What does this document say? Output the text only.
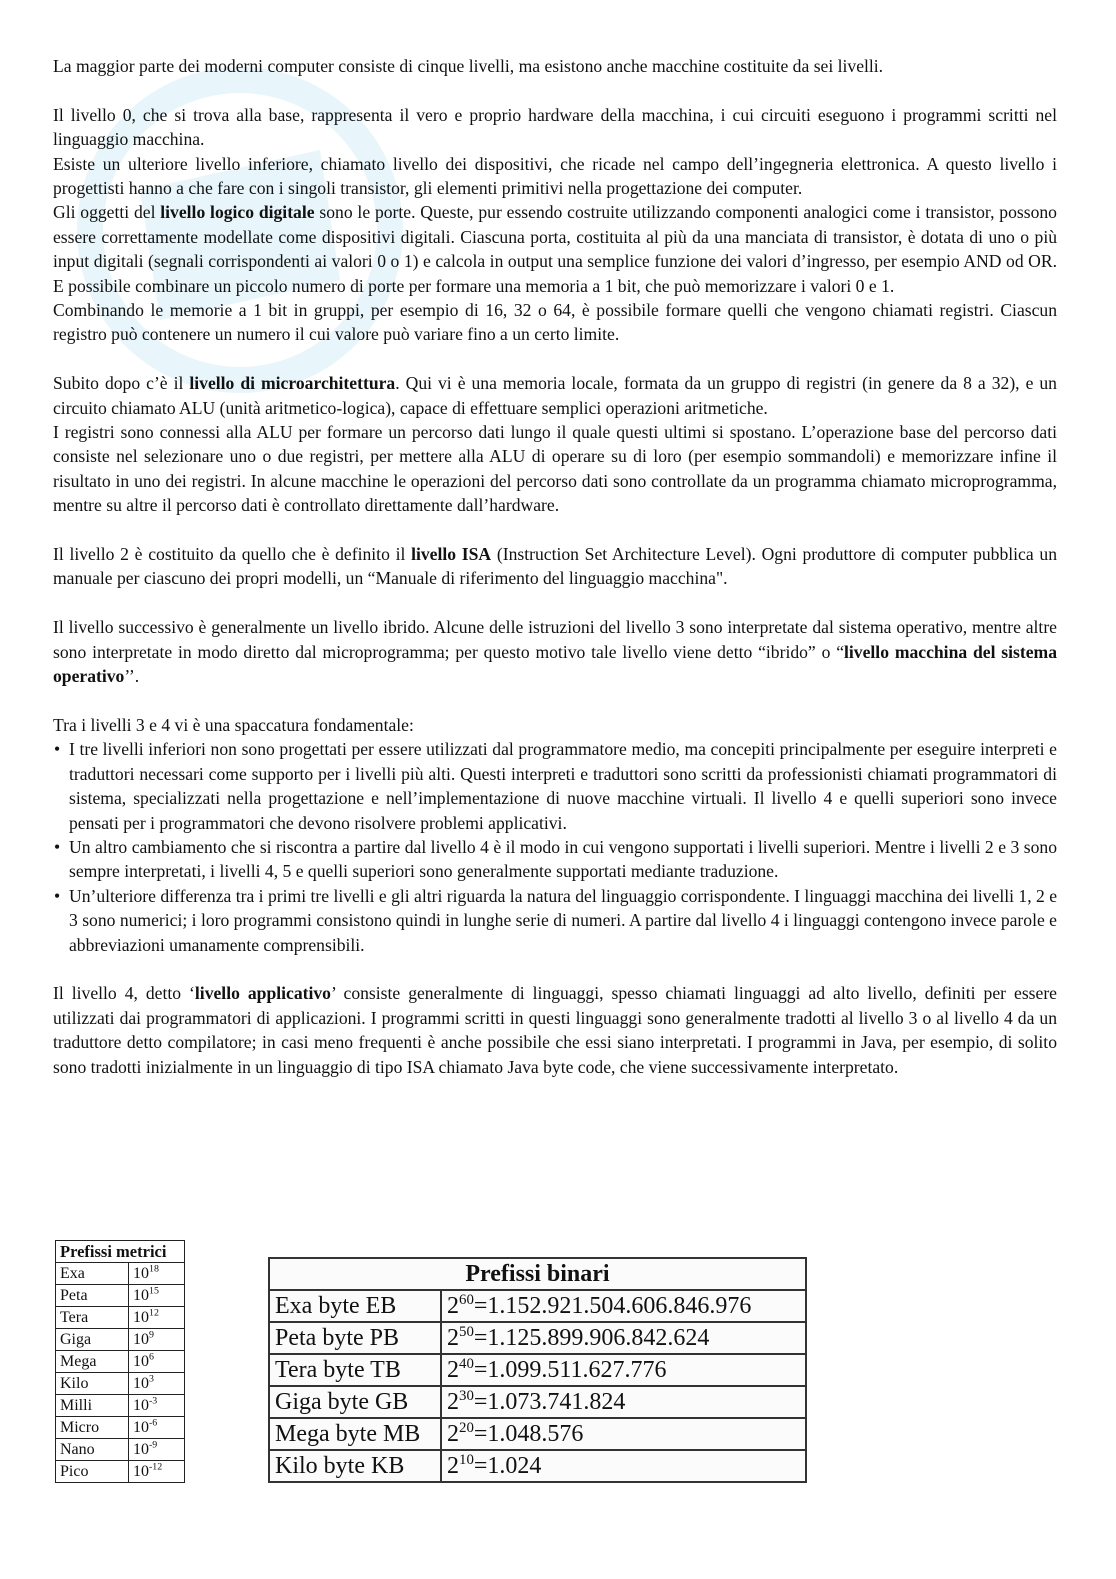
La maggior parte dei moderni computer consiste di cinque livelli, ma esistono anche macchine costituite da sei livelli.

Il livello 0, che si trova alla base, rappresenta il vero e proprio hardware della macchina, i cui circuiti eseguono i programmi scritti nel linguaggio macchina.

Esiste un ulteriore livello inferiore, chiamato livello dei dispositivi, che ricade nel campo dell’ingegneria elettronica. A questo livello i progettisti hanno a che fare con i singoli transistor, gli elementi primitivi nella progettazione dei computer.

Gli oggetti del livello logico digitale sono le porte. Queste, pur essendo costruite utilizzando componenti analogici come i transistor, possono essere correttamente modellate come dispositivi digitali. Ciascuna porta, costituita al più da una manciata di transistor, è dotata di uno o più input digitali (segnali corrispondenti ai valori 0 o 1) e calcola in output una semplice funzione dei valori d’ingresso, per esempio AND od OR. E possibile combinare un piccolo numero di porte per formare una memoria a 1 bit, che può memorizzare i valori 0 e 1.

Combinando le memorie a 1 bit in gruppi, per esempio di 16, 32 o 64, è possibile formare quelli che vengono chiamati registri. Ciascun registro può contenere un numero il cui valore può variare fino a un certo limite.

Subito dopo c’è il livello di microarchitettura. Qui vi è una memoria locale, formata da un gruppo di registri (in genere da 8 a 32), e un circuito chiamato ALU (unità aritmetico-logica), capace di effettuare semplici operazioni aritmetiche.

I registri sono connessi alla ALU per formare un percorso dati lungo il quale questi ultimi si spostano. L’operazione base del percorso dati consiste nel selezionare uno o due registri, per mettere alla ALU di operare su di loro (per esempio sommandoli) e memorizzare infine il risultato in uno dei registri. In alcune macchine le operazioni del percorso dati sono controllate da un programma chiamato microprogramma, mentre su altre il percorso dati è controllato direttamente dall’hardware.

Il livello 2 è costituito da quello che è definito il livello ISA (Instruction Set Architecture Level). Ogni produttore di computer pubblica un manuale per ciascuno dei propri modelli, un “Manuale di riferimento del linguaggio macchina".

Il livello successivo è generalmente un livello ibrido. Alcune delle istruzioni del livello 3 sono interpretate dal sistema operativo, mentre altre sono interpretate in modo diretto dal microprogramma; per questo motivo tale livello viene detto “ibrido” o “livello macchina del sistema operativo’’.

Tra i livelli 3 e 4 vi è una spaccatura fondamentale:

• I tre livelli inferiori non sono progettati per essere utilizzati dal programmatore medio, ma concepiti principalmente per eseguire interpreti e traduttori necessari come supporto per i livelli più alti. Questi interpreti e traduttori sono scritti da professionisti chiamati programmatori di sistema, specializzati nella progettazione e nell’implementazione di nuove macchine virtuali. Il livello 4 e quelli superiori sono invece pensati per i programmatori che devono risolvere problemi applicativi.
• Un altro cambiamento che si riscontra a partire dal livello 4 è il modo in cui vengono supportati i livelli superiori. Mentre i livelli 2 e 3 sono sempre interpretati, i livelli 4, 5 e quelli superiori sono generalmente supportati mediante traduzione.
• Un’ulteriore differenza tra i primi tre livelli e gli altri riguarda la natura del linguaggio corrispondente. I linguaggi macchina dei livelli 1, 2 e 3 sono numerici; i loro programmi consistono quindi in lunghe serie di numeri. A partire dal livello 4 i linguaggi contengono invece parole e abbreviazioni umanamente comprensibili.

Il livello 4, detto ‘livello applicativo’ consiste generalmente di linguaggi, spesso chiamati linguaggi ad alto livello, definiti per essere utilizzati dai programmatori di applicazioni. I programmi scritti in questi linguaggi sono generalmente tradotti al livello 3 o al livello 4 da un traduttore detto compilatore; in casi meno frequenti è anche possibile che essi siano interpretati. I programmi in Java, per esempio, di solito sono tradotti inizialmente in un linguaggio di tipo ISA chiamato Java byte code, che viene successivamente interpretato.

Prefissi metrici	
Exa	$10^{18}$
Peta	$10^{15}$
Tera	$10^{12}$
Giga	$10^9$
Mega	$10^6$
Kilo	$10^3$
Milli	$10^{-3}$
Micro	$10^{-6}$
Nano	$10^{-9}$
Pico	$10^{-12}$
Prefissi binari	
Exa byte EB	$2^{60}=1.152.921.504.606.846.976$
Peta byte PB	$2^{50}=1.125.899.906.842.624$
Tera byte TB	$2^{40}=1.099.511.627.776$
Giga byte GB	$2^{30}=1.073.741.824$
Mega byte MB	$2^{20}=1.048.576$
Kilo byte KB	$2^{10}=1.024$
